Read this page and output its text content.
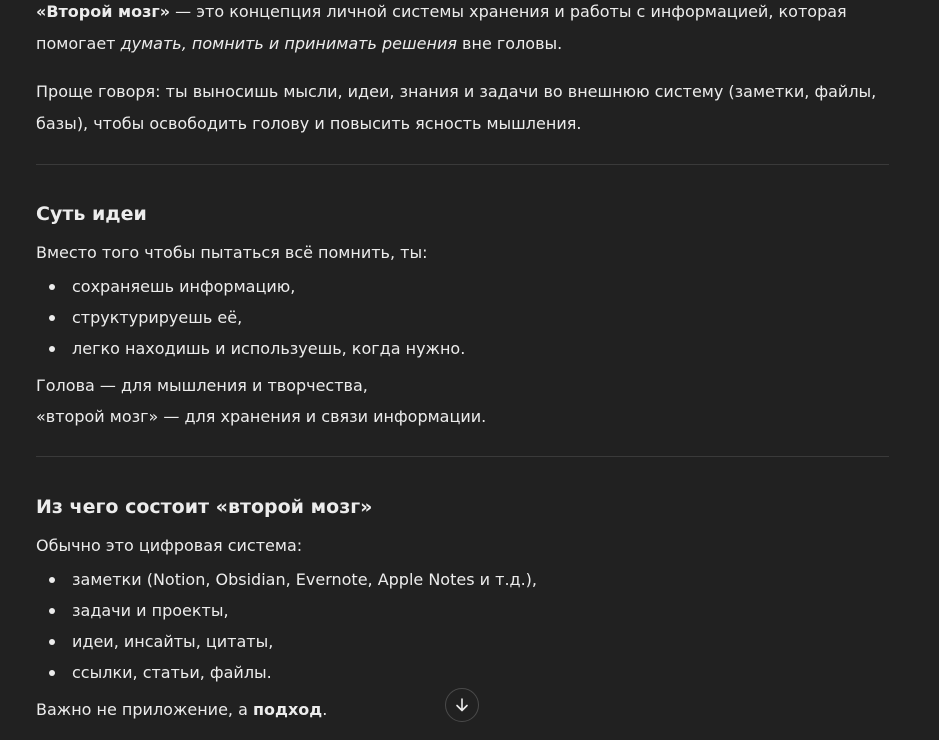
«Второй мозг» — это концепция личной системы хранения и работы с информацией, которая помогает думать, помнить и принимать решения вне головы.

Проще говоря: ты выносишь мысли, идеи, знания и задачи во внешнюю систему (заметки, файлы, базы), чтобы освободить голову и повысить ясность мышления.

Суть идеи

Вместо того чтобы пытаться всё помнить, ты:

сохраняешь информацию,
структурируешь её,
легко находишь и используешь, когда нужно.

Голова — для мышления и творчества,

«второй мозг» — для хранения и связи информации.

Из чего состоит «второй мозг»

Обычно это цифровая система:

заметки (Notion, Obsidian, Evernote, Apple Notes и т.д.),
задачи и проекты,
идеи, инсайты, цитаты,
ссылки, статьи, файлы.

Важно не приложение, а подход.
